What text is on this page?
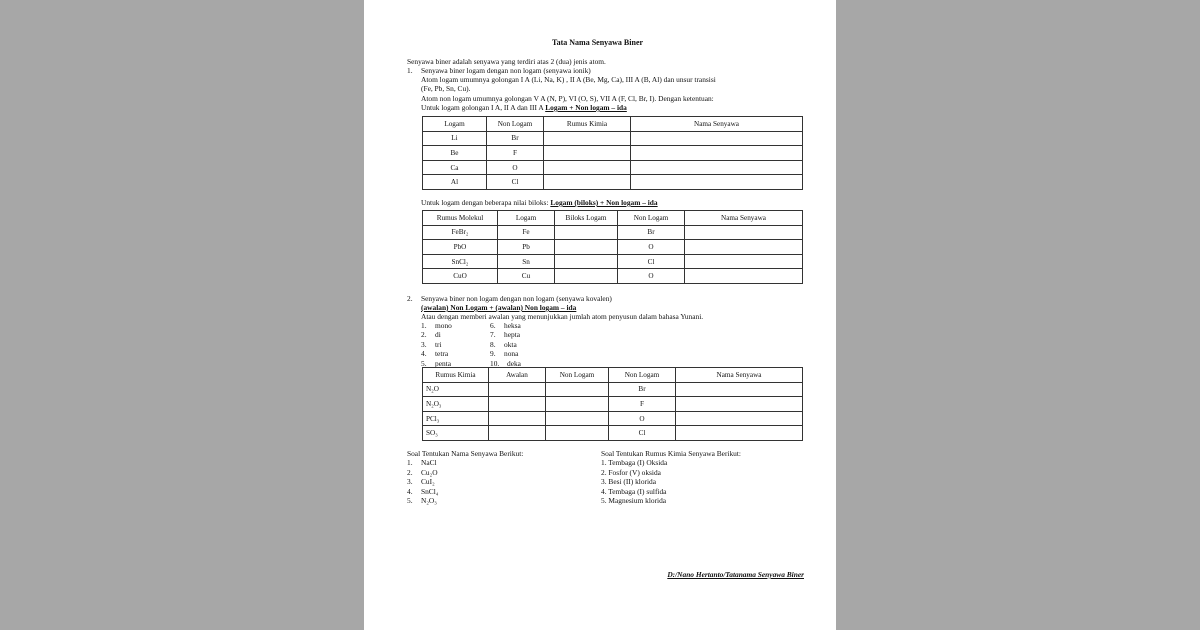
Tata Nama Senyawa Biner
Senyawa biner adalah senyawa yang terdiri atas 2 (dua) jenis atom.
1. Senyawa biner logam dengan non logam (senyawa ionik)
Atom logam umumnya golongan I A (Li, Na, K) , II A (Be, Mg, Ca), III A (B, Al) dan unsur transisi
(Fe, Pb, Sn, Cu).
Atom non logam umumnya golongan V A (N, P), VI (O, S), VII A (F, Cl, Br, I). Dengan ketentuan:
Untuk logam golongan I A, II A dan III A Logam + Non logam – ida
Logam	Non Logam	Rumus Kimia	Nama Senyawa
Li	Br		
Be	F		
Ca	O		
Al	Cl		
Untuk logam dengan beberapa nilai biloks: Logam (biloks) + Non logam – ida
Rumus Molekul	Logam	Biloks Logam	Non Logam	Nama Senyawa
FeBr₂	Fe		Br	
PbO	Pb		O	
SnCl₂	Sn		Cl	
CuO	Cu		O	
2. Senyawa biner non logam dengan non logam (senyawa kovalen)
(awalan) Non Logam + (awalan) Non logam – ida
Atau dengan memberi awalan yang menunjukkan jumlah atom penyusun dalam bahasa Yunani.
1. mono
2. di
3. tri
4. tetra
5. penta
6. heksa
7. hepta
8. okta
9. nona
10. deka
Rumus Kimia	Awalan	Non Logam	Non Logam	Nama Senyawa
N₂O			Br	
N₂O₃			F	
PCl₃			O	
SO₃			Cl	
Soal Tentukan Nama Senyawa Berikut:
1. NaCl
2. Cu₂O
3. CuI₂
4. SnCl₄
5. N₂O₃
Soal Tentukan Rumus Kimia Senyawa Berikut:
1. Tembaga (I) Oksida
2. Fosfor (V) oksida
3. Besi (II) klorida
4. Tembaga (I) sulfida
5. Magnesium klorida
D:/Nano Hertanto/Tatanama Senyawa Biner
